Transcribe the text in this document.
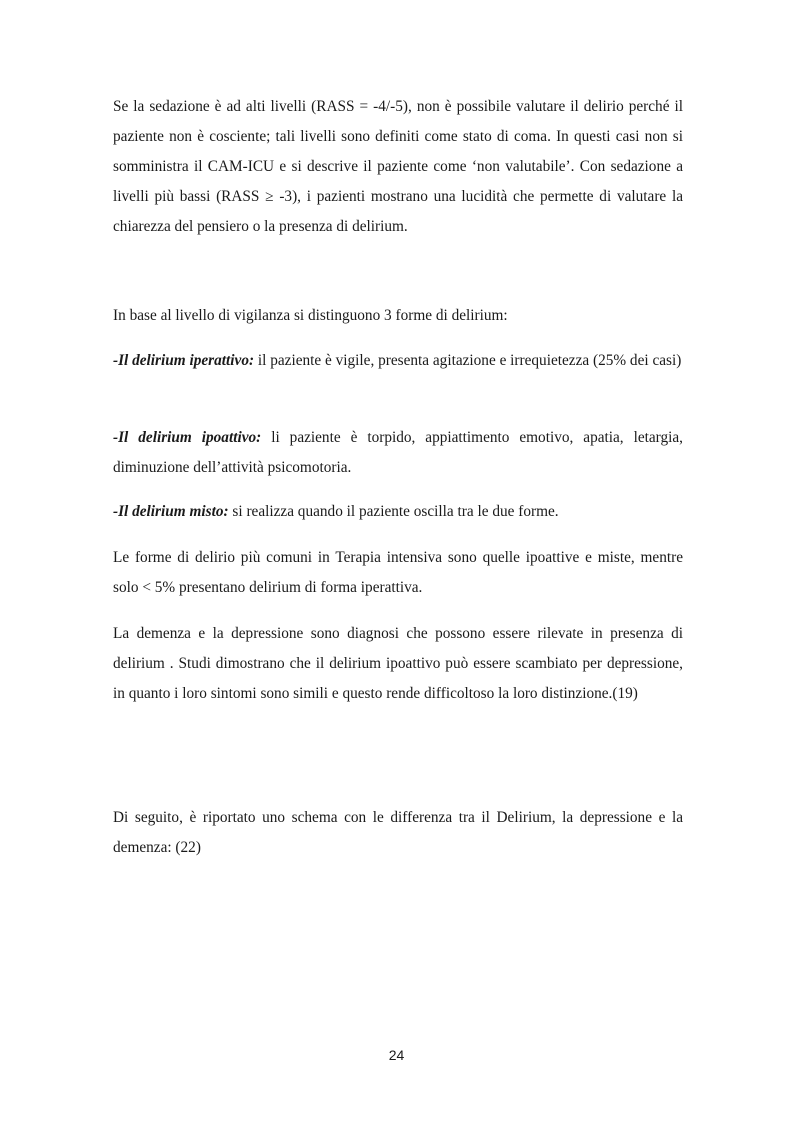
Se la sedazione è ad alti livelli (RASS = -4/-5), non è possibile valutare il delirio perché il paziente non è cosciente; tali livelli sono definiti come stato di coma. In questi casi non si somministra il CAM-ICU e si descrive il paziente come ‘non valutabile’. Con sedazione a livelli più bassi (RASS ≥ -3), i pazienti mostrano una lucidità che permette di valutare la chiarezza del pensiero o la presenza di delirium.

In base al livello di vigilanza si distinguono 3 forme di delirium:

-Il delirium iperattivo: il paziente è vigile, presenta agitazione e irrequietezza (25% dei casi)

-Il delirium ipoattivo: li paziente è torpido, appiattimento emotivo, apatia, letargia, diminuzione dell’attività psicomotoria.

-Il delirium misto: si realizza quando il paziente oscilla tra le due forme.

Le forme di delirio più comuni in Terapia intensiva sono quelle ipoattive e miste, mentre solo < 5% presentano delirium di forma iperattiva.

La demenza e la depressione sono diagnosi che possono essere rilevate in presenza di delirium . Studi dimostrano che il delirium ipoattivo può essere scambiato per depressione, in quanto i loro sintomi sono simili e questo rende difficoltoso la loro distinzione.(19)

Di seguito, è riportato uno schema con le differenza tra il Delirium, la depressione e la demenza: (22)

24
